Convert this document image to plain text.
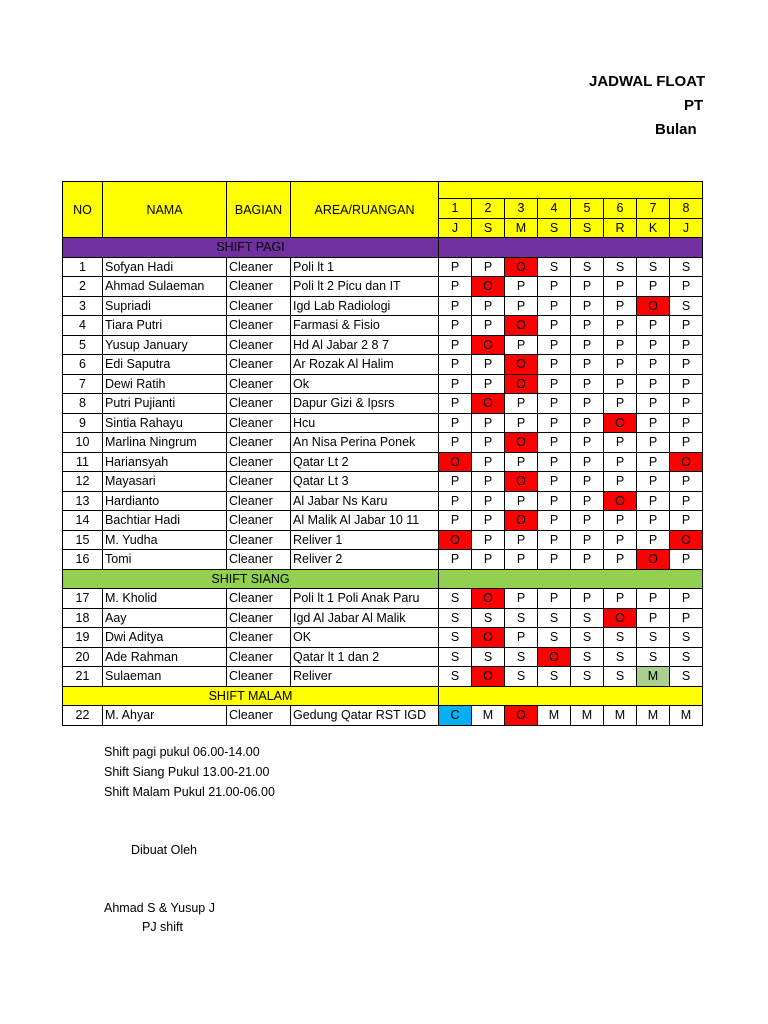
JADWAL FLOAT
PT
Bulan
NO	NAMA	BAGIAN	AREA/RUANGAN								
				1	2	3	4	5	6	7	8
				J	S	M	S	S	R	K	J
SHIFT PAGI											
1	Sofyan Hadi	Cleaner	Poli lt 1	P	P	O	S	S	S	S	S
2	Ahmad Sulaeman	Cleaner	Poli lt 2 Picu dan IT	P	O	P	P	P	P	P	P
3	Supriadi	Cleaner	Igd Lab Radiologi	P	P	P	P	P	P	O	S
4	Tiara Putri	Cleaner	Farmasi & Fisio	P	P	O	P	P	P	P	P
5	Yusup January	Cleaner	Hd Al Jabar 2 8 7	P	O	P	P	P	P	P	P
6	Edi Saputra	Cleaner	Ar Rozak Al Halim	P	P	O	P	P	P	P	P
7	Dewi Ratih	Cleaner	Ok	P	P	O	P	P	P	P	P
8	Putri Pujianti	Cleaner	Dapur Gizi & Ipsrs	P	O	P	P	P	P	P	P
9	Sintia Rahayu	Cleaner	Hcu	P	P	P	P	P	O	P	P
10	Marlina Ningrum	Cleaner	An Nisa Perina Ponek	P	P	O	P	P	P	P	P
11	Hariansyah	Cleaner	Qatar Lt 2	O	P	P	P	P	P	P	O
12	Mayasari	Cleaner	Qatar Lt 3	P	P	O	P	P	P	P	P
13	Hardianto	Cleaner	Al Jabar Ns Karu	P	P	P	P	P	O	P	P
14	Bachtiar Hadi	Cleaner	Al Malik Al Jabar 10 11	P	P	O	P	P	P	P	P
15	M. Yudha	Cleaner	Reliver 1	O	P	P	P	P	P	P	O
16	Tomi	Cleaner	Reliver 2	P	P	P	P	P	P	O	P
SHIFT SIANG											
17	M. Kholid	Cleaner	Poli lt 1 Poli Anak Paru	S	O	P	P	P	P	P	P
18	Aay	Cleaner	Igd Al Jabar Al Malik	S	S	S	S	S	O	P	P
19	Dwi Aditya	Cleaner	OK	S	O	P	S	S	S	S	S
20	Ade Rahman	Cleaner	Qatar lt 1 dan 2	S	S	S	O	S	S	S	S
21	Sulaeman	Cleaner	Reliver	S	O	S	S	S	S	M	S
SHIFT MALAM											
22	M. Ahyar	Cleaner	Gedung Qatar RST IGD	C	M	O	M	M	M	M	M
Shift pagi pukul 06.00-14.00
Shift Siang Pukul 13.00-21.00
Shift Malam Pukul 21.00-06.00
Dibuat Oleh
Ahmad S & Yusup J
PJ shift
